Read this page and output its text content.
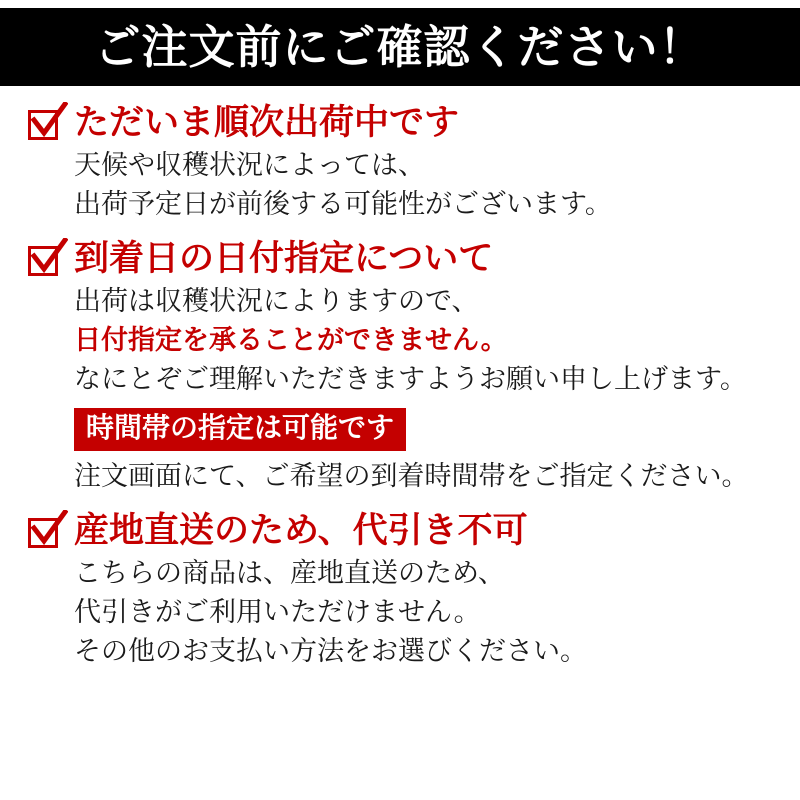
ご注文前にご確認ください！
ただいま順次出荷中です
天候や収穫状況によっては、
出荷予定日が前後する可能性がございます。
到着日の日付指定について
出荷は収穫状況によりますので、
日付指定を承ることができません。
なにとぞご理解いただきますようお願い申し上げます。
時間帯の指定は可能です
注文画面にて、ご希望の到着時間帯をご指定ください。
産地直送のため、代引き不可
こちらの商品は、産地直送のため、
代引きがご利用いただけません。
その他のお支払い方法をお選びください。
